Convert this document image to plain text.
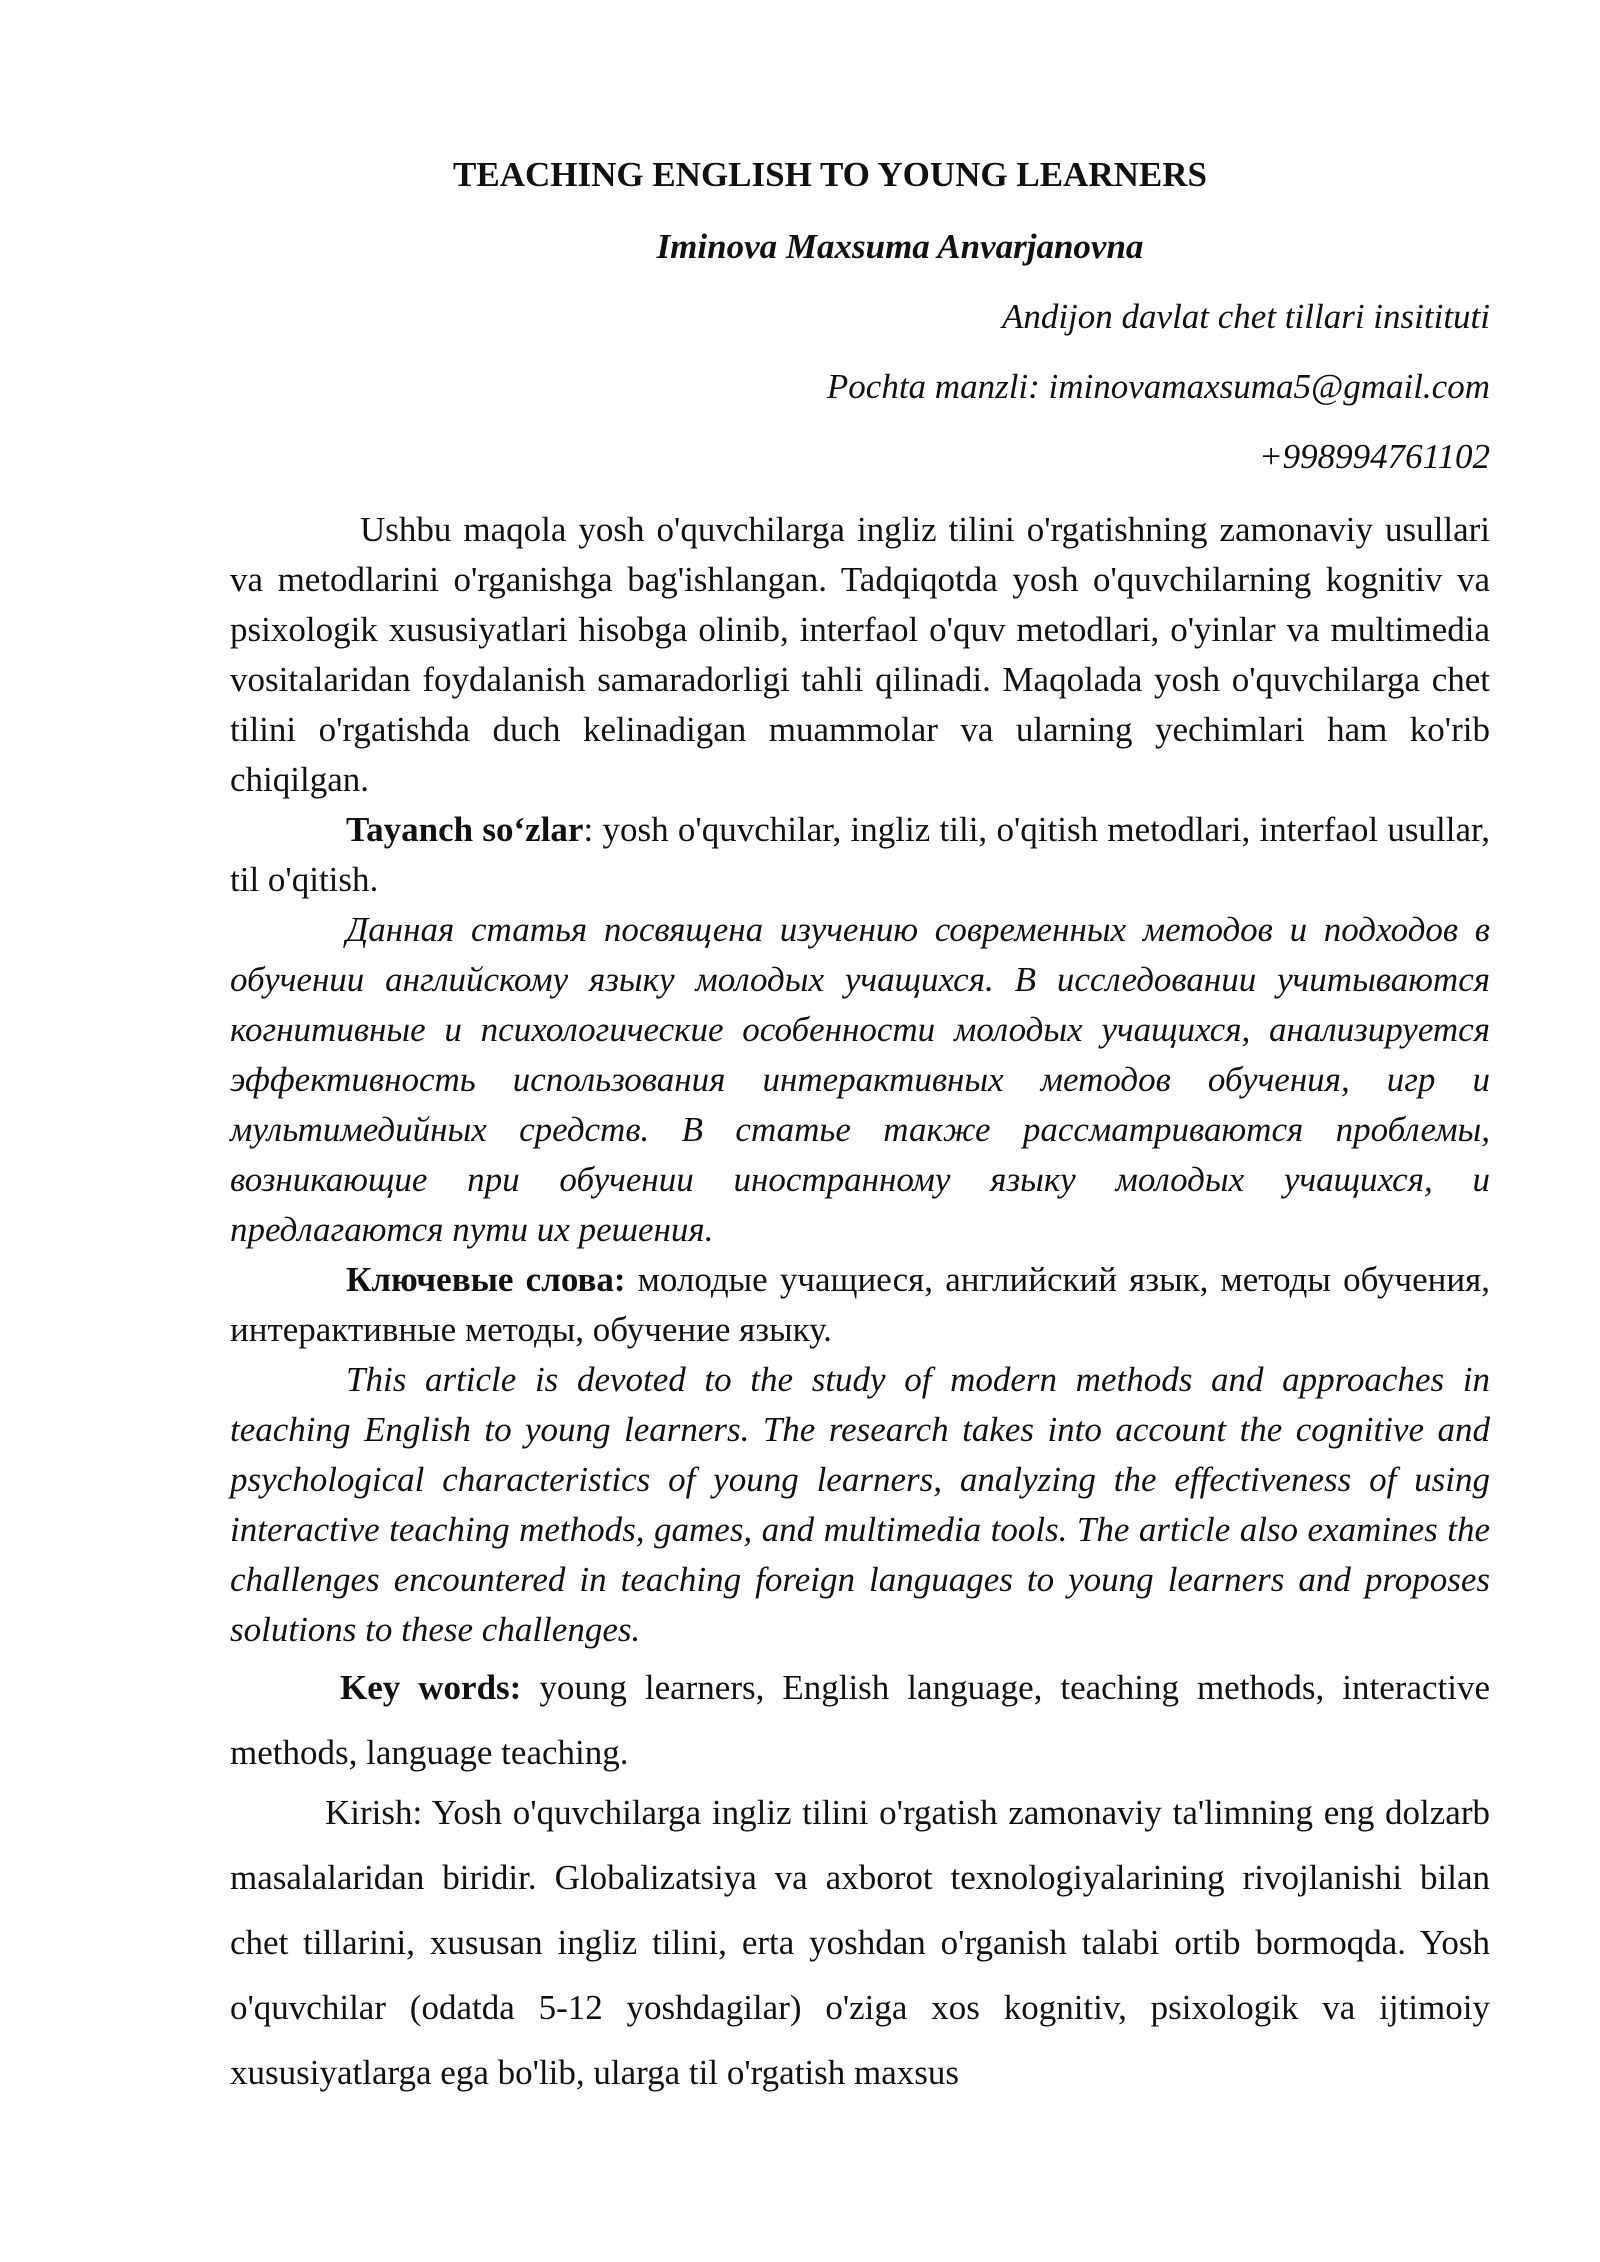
TEACHING ENGLISH TO YOUNG LEARNERS

Iminova Maxsuma Anvarjanovna

Andijon davlat chet tillari insitituti

Pochta manzli: iminovamaxsuma5@gmail.com

+998994761102

Ushbu maqola yosh o'quvchilarga ingliz tilini o'rgatishning zamonaviy usullari va metodlarini o'rganishga bag'ishlangan. Tadqiqotda yosh o'quvchilarning kognitiv va psixologik xususiyatlari hisobga olinib, interfaol o'quv metodlari, o'yinlar va multimedia vositalaridan foydalanish samaradorligi tahli qilinadi. Maqolada yosh o'quvchilarga chet tilini o'rgatishda duch kelinadigan muammolar va ularning yechimlari ham ko'rib chiqilgan.

Tayanch so‘zlar: yosh o'quvchilar, ingliz tili, o'qitish metodlari, interfaol usullar, til o'qitish.

Данная статья посвящена изучению современных методов и подходов в обучении английскому языку молодых учащихся. В исследовании учитываются когнитивные и психологические особенности молодых учащихся, анализируется эффективность использования интерактивных методов обучения, игр и мультимедийных средств. В статье также рассматриваются проблемы, возникающие при обучении иностранному языку молодых учащихся, и предлагаются пути их решения.

Ключевые слова: молодые учащиеся, английский язык, методы обучения, интерактивные методы, обучение языку.

This article is devoted to the study of modern methods and approaches in teaching English to young learners. The research takes into account the cognitive and psychological characteristics of young learners, analyzing the effectiveness of using interactive teaching methods, games, and multimedia tools. The article also examines the challenges encountered in teaching foreign languages to young learners and proposes solutions to these challenges.

Key words: young learners, English language, teaching methods, interactive methods, language teaching.

Kirish: Yosh o'quvchilarga ingliz tilini o'rgatish zamonaviy ta'limning eng dolzarb masalalaridan biridir. Globalizatsiya va axborot texnologiyalarining rivojlanishi bilan chet tillarini, xususan ingliz tilini, erta yoshdan o'rganish talabi ortib bormoqda. Yosh o'quvchilar (odatda 5-12 yoshdagilar) o'ziga xos kognitiv, psixologik va ijtimoiy xususiyatlarga ega bo'lib, ularga til o'rgatish maxsus
